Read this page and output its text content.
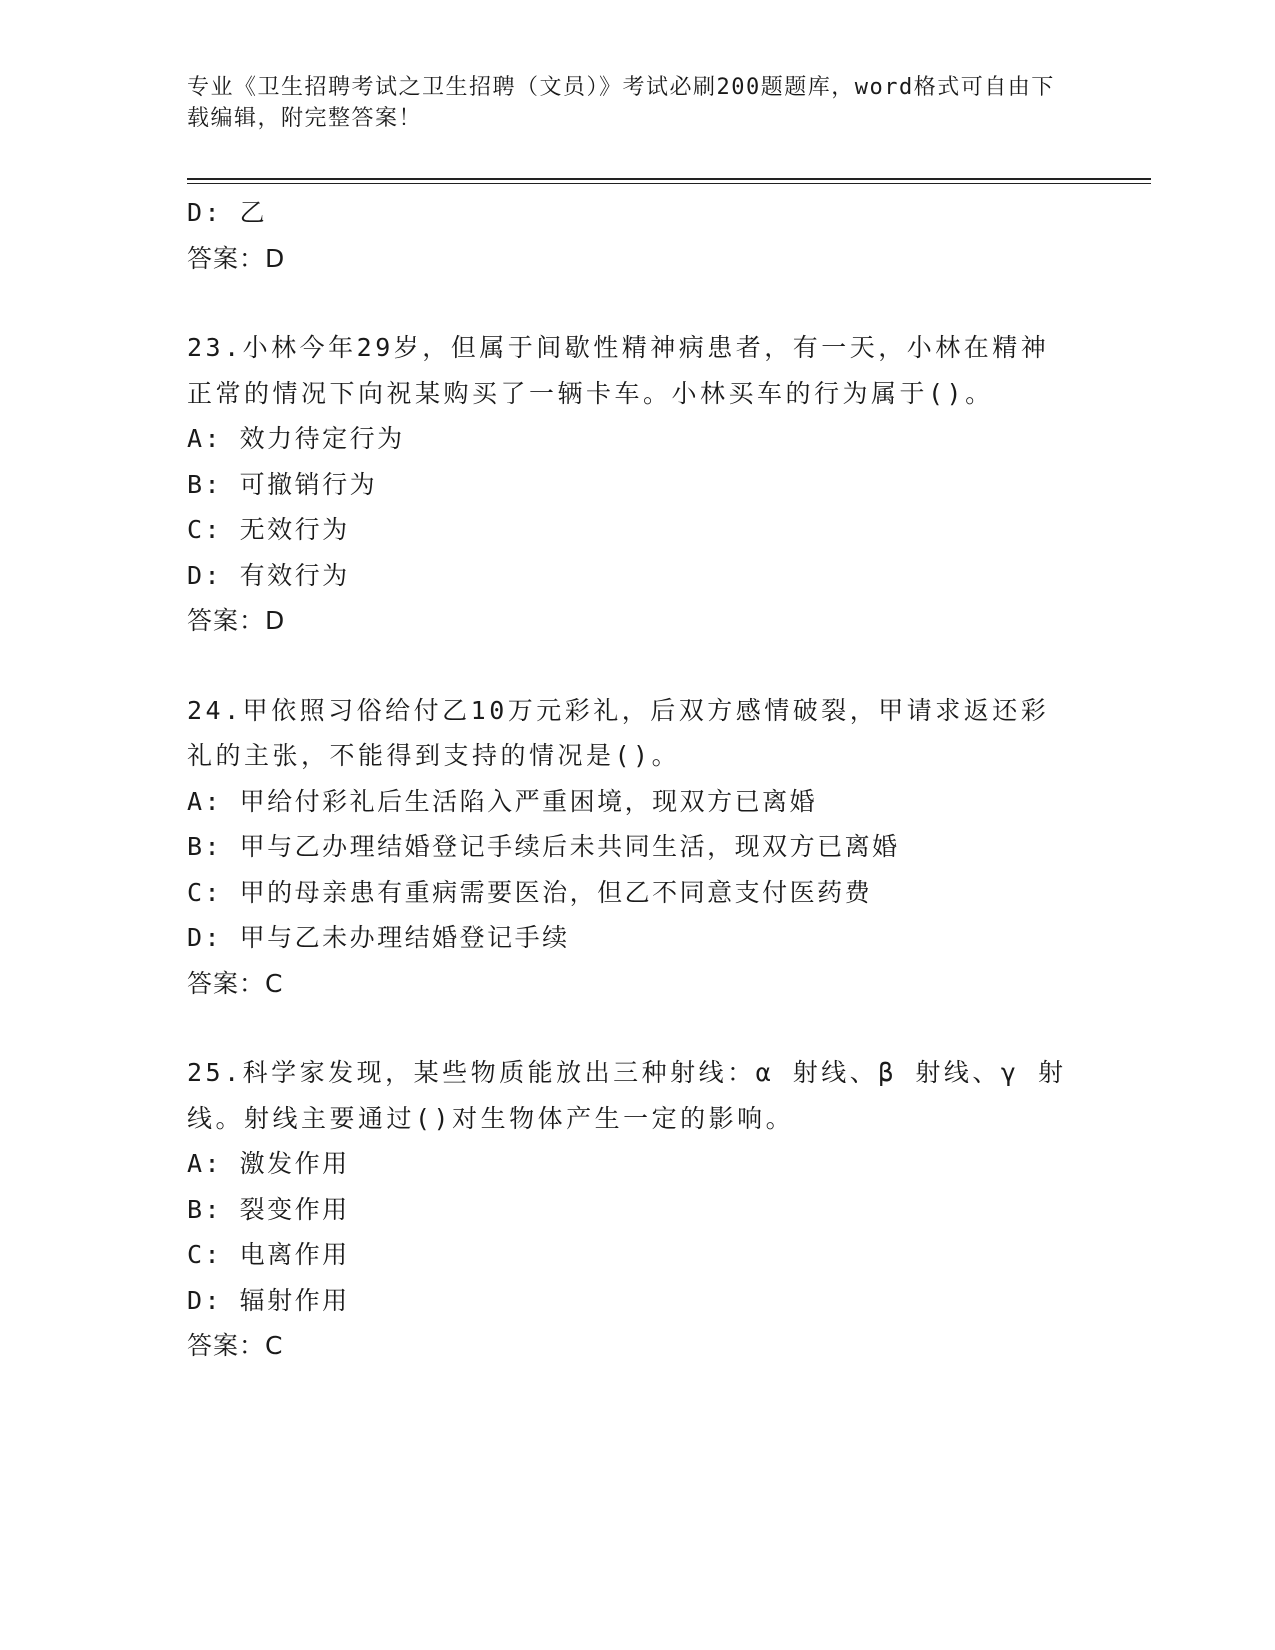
专业《卫生招聘考试之卫生招聘（文员）》考试必刷200题题库，word格式可自由下载编辑，附完整答案！
D: 乙
答案：D
23.小林今年29岁，但属于间歇性精神病患者，有一天，小林在精神正常的情况下向祝某购买了一辆卡车。小林买车的行为属于()。
A: 效力待定行为
B: 可撤销行为
C: 无效行为
D: 有效行为
答案：D
24.甲依照习俗给付乙10万元彩礼，后双方感情破裂，甲请求返还彩礼的主张，不能得到支持的情况是()。
A: 甲给付彩礼后生活陷入严重困境，现双方已离婚
B: 甲与乙办理结婚登记手续后未共同生活，现双方已离婚
C: 甲的母亲患有重病需要医治，但乙不同意支付医药费
D: 甲与乙未办理结婚登记手续
答案：C
25.科学家发现，某些物质能放出三种射线：α 射线、β 射线、γ 射线。射线主要通过()对生物体产生一定的影响。
A: 激发作用
B: 裂变作用
C: 电离作用
D: 辐射作用
答案：C
